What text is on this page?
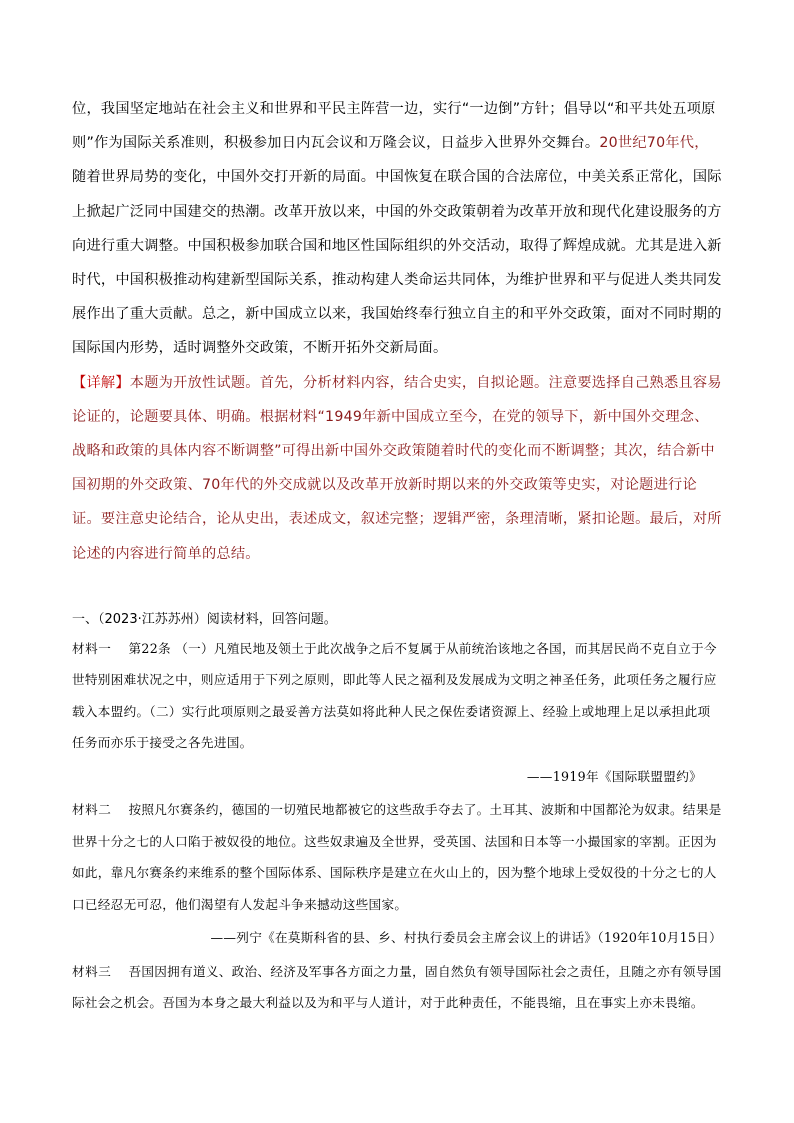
位，我国坚定地站在社会主义和世界和平民主阵营一边，实行“一边倒”方针；倡导以“和平共处五项原则”作为国际关系准则，积极参加日内瓦会议和万隆会议，日益步入世界外交舞台。20世纪70年代，随着世界局势的变化，中国外交打开新的局面。中国恢复在联合国的合法席位，中美关系正常化，国际上掀起广泛同中国建交的热潮。改革开放以来，中国的外交政策朝着为改革开放和现代化建设服务的方向进行重大调整。中国积极参加联合国和地区性国际组织的外交活动，取得了辉煌成就。尤其是进入新时代，中国积极推动构建新型国际关系，推动构建人类命运共同体，为维护世界和平与促进人类共同发展作出了重大贡献。总之，新中国成立以来，我国始终奉行独立自主的和平外交政策，面对不同时期的国际国内形势，适时调整外交政策，不断开拓外交新局面。
【详解】本题为开放性试题。首先，分析材料内容，结合史实，自拟论题。注意要选择自己熟悉且容易论证的，论题要具体、明确。根据材料“1949年新中国成立至今，在党的领导下，新中国外交理念、战略和政策的具体内容不断调整”可得出新中国外交政策随着时代的变化而不断调整；其次，结合新中国初期的外交政策、70年代的外交成就以及改革开放新时期以来的外交政策等史实，对论题进行论证。要注意史论结合，论从史出，表述成文，叙述完整；逻辑严密，条理清晰，紧扣论题。最后，对所论述的内容进行简单的总结。
一、（2023·江苏苏州）阅读材料，回答问题。
材料一 第22条 （一）凡殖民地及领土于此次战争之后不复属于从前统治该地之各国，而其居民尚不克自立于今世特别困难状况之中，则应适用于下列之原则，即此等人民之福利及发展成为文明之神圣任务，此项任务之履行应载入本盟约。（二）实行此项原则之最妥善方法莫如将此种人民之保佐委诸资源上、经验上或地理上足以承担此项任务而亦乐于接受之各先进国。
——1919年《国际联盟盟约》
材料二 按照凡尔赛条约，德国的一切殖民地都被它的这些敌手夺去了。土耳其、波斯和中国都沦为奴隶。结果是世界十分之七的人口陷于被奴役的地位。这些奴隶遍及全世界，受英国、法国和日本等一小撮国家的宰割。正因为如此，靠凡尔赛条约来维系的整个国际体系、国际秩序是建立在火山上的，因为整个地球上受奴役的十分之七的人口已经忍无可忍，他们渴望有人发起斗争来撼动这些国家。
——列宁《在莫斯科省的县、乡、村执行委员会主席会议上的讲话》（1920年10月15日）
材料三 吾国因拥有道义、政治、经济及军事各方面之力量，固自然负有领导国际社会之责任，且随之亦有领导国际社会之机会。吾国为本身之最大利益以及为和平与人道计，对于此种责任，不能畏缩，且在事实上亦未畏缩。
